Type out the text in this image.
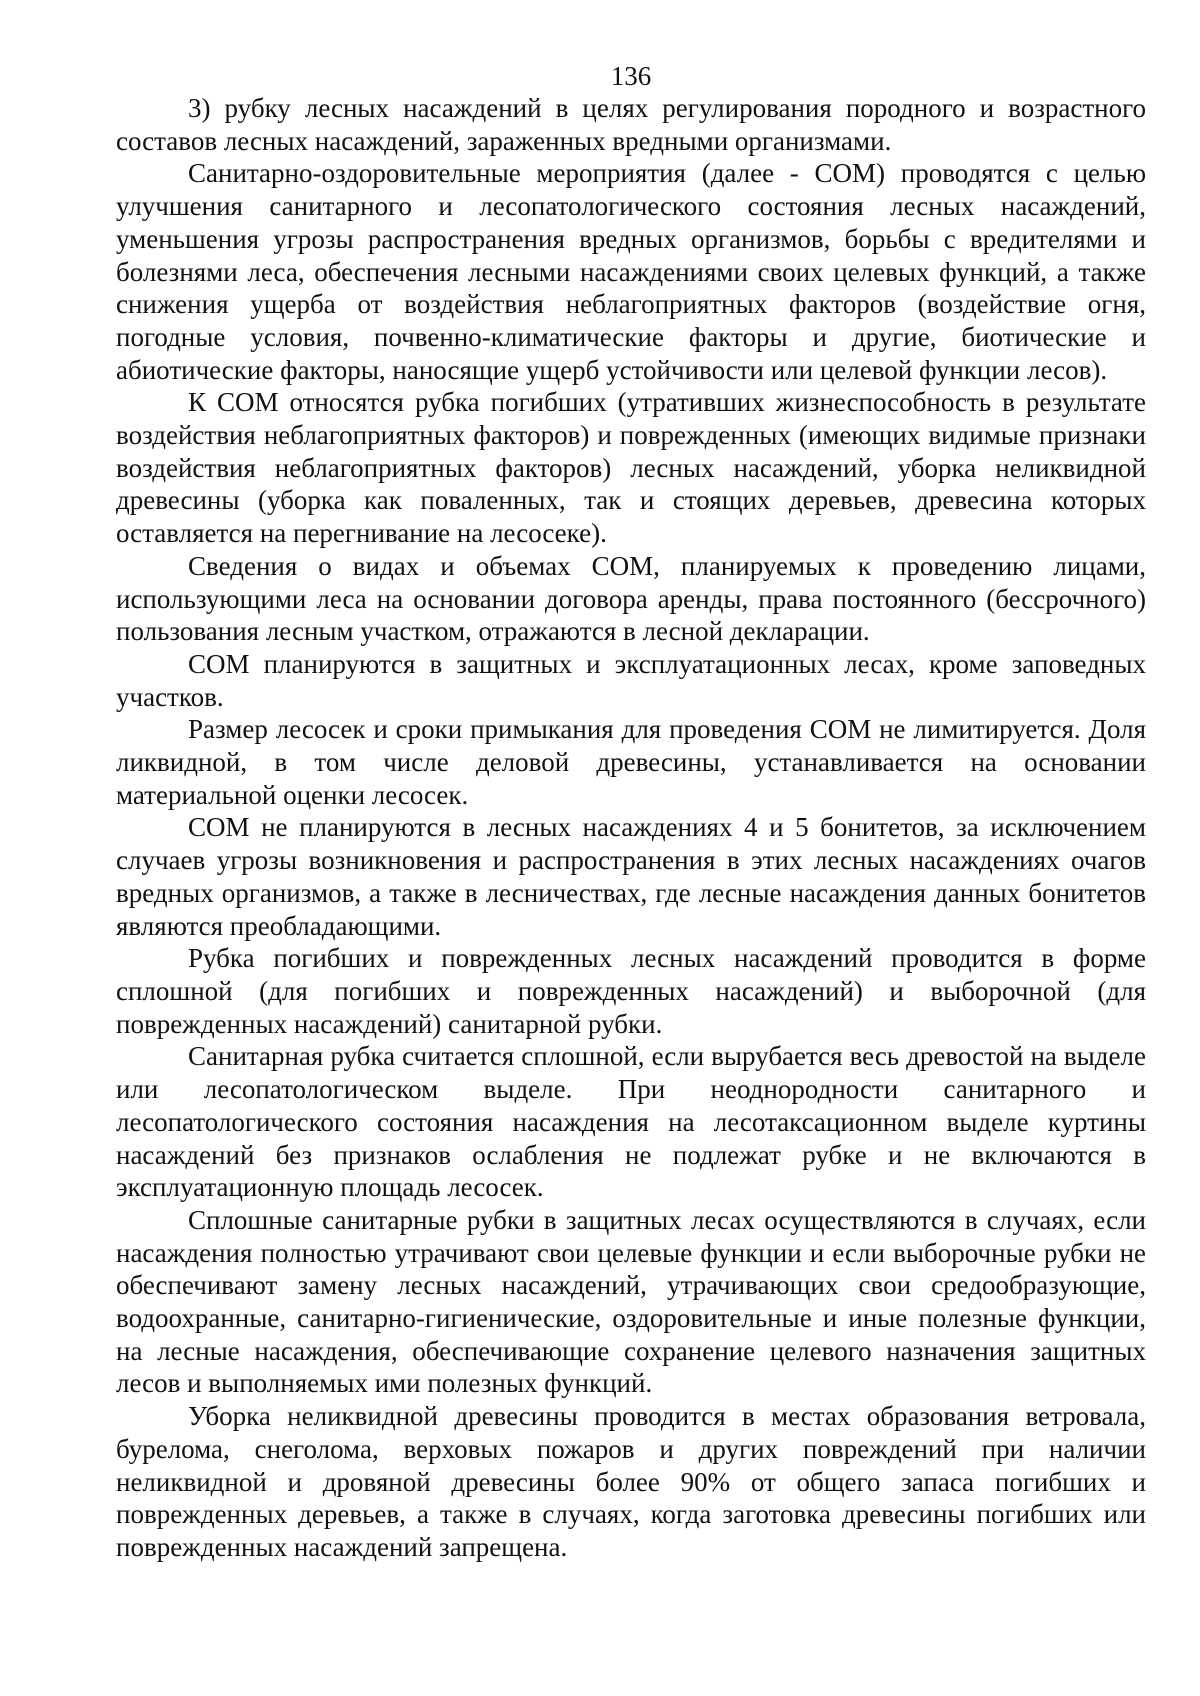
136

3) рубку лесных насаждений в целях регулирования породного и возрастного составов лесных насаждений, зараженных вредными организмами.

Санитарно-оздоровительные мероприятия (далее - СОМ) проводятся с целью улучшения санитарного и лесопатологического состояния лесных насаждений, уменьшения угрозы распространения вредных организмов, борьбы с вредителями и болезнями леса, обеспечения лесными насаждениями своих целевых функций, а также снижения ущерба от воздействия неблагоприятных факторов (воздействие огня, погодные условия, почвенно-климатические факторы и другие, биотические и абиотические факторы, наносящие ущерб устойчивости или целевой функции лесов).

К СОМ относятся рубка погибших (утративших жизнеспособность в результате воздействия неблагоприятных факторов) и поврежденных (имеющих видимые признаки воздействия неблагоприятных факторов) лесных насаждений, уборка неликвидной древесины (уборка как поваленных, так и стоящих деревьев, древесина которых оставляется на перегнивание на лесосеке).

Сведения о видах и объемах СОМ, планируемых к проведению лицами, использующими леса на основании договора аренды, права постоянного (бессрочного) пользования лесным участком, отражаются в лесной декларации.

СОМ планируются в защитных и эксплуатационных лесах, кроме заповедных участков.

Размер лесосек и сроки примыкания для проведения СОМ не лимитируется. Доля ликвидной, в том числе деловой древесины, устанавливается на основании материальной оценки лесосек.

СОМ не планируются в лесных насаждениях 4 и 5 бонитетов, за исключением случаев угрозы возникновения и распространения в этих лесных насаждениях очагов вредных организмов, а также в лесничествах, где лесные насаждения данных бонитетов являются преобладающими.

Рубка погибших и поврежденных лесных насаждений проводится в форме сплошной (для погибших и поврежденных насаждений) и выборочной (для поврежденных насаждений) санитарной рубки.

Санитарная рубка считается сплошной, если вырубается весь древостой на выделе или лесопатологическом выделе. При неоднородности санитарного и лесопатологического состояния насаждения на лесотаксационном выделе куртины насаждений без признаков ослабления не подлежат рубке и не включаются в эксплуатационную площадь лесосек.

Сплошные санитарные рубки в защитных лесах осуществляются в случаях, если насаждения полностью утрачивают свои целевые функции и если выборочные рубки не обеспечивают замену лесных насаждений, утрачивающих свои средообразующие, водоохранные, санитарно-гигиенические, оздоровительные и иные полезные функции, на лесные насаждения, обеспечивающие сохранение целевого назначения защитных лесов и выполняемых ими полезных функций.

Уборка неликвидной древесины проводится в местах образования ветровала, бурелома, снеголома, верховых пожаров и других повреждений при наличии неликвидной и дровяной древесины более 90% от общего запаса погибших и поврежденных деревьев, а также в случаях, когда заготовка древесины погибших или поврежденных насаждений запрещена.
